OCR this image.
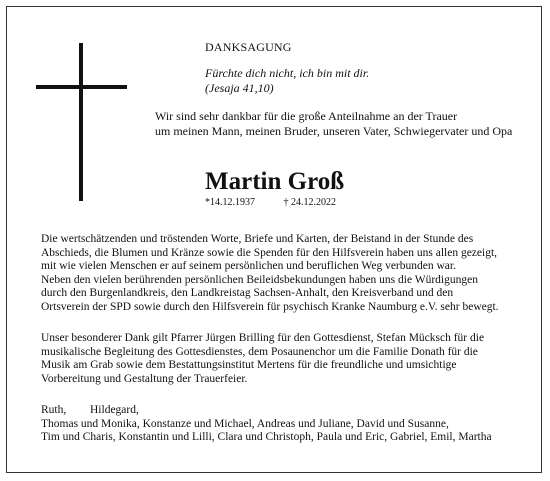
DANKSAGUNG
Fürchte dich nicht, ich bin mit dir.
(Jesaja 41,10)
Wir sind sehr dankbar für die große Anteilnahme an der Trauer
um meinen Mann, meinen Bruder, unseren Vater, Schwiegervater und Opa
Martin Groß
*14.12.1937	† 24.12.2022
Die wertschätzenden und tröstenden Worte, Briefe und Karten, der Beistand in der Stunde des
Abschieds, die Blumen und Kränze sowie die Spenden für den Hilfsverein haben uns allen gezeigt,
mit wie vielen Menschen er auf seinem persönlichen und beruflichen Weg verbunden war.
Neben den vielen berührenden persönlichen Beileidsbekundungen haben uns die Würdigungen
durch den Burgenlandkreis, den Landkreistag Sachsen-Anhalt, den Kreisverband und den
Ortsverein der SPD sowie durch den Hilfsverein für psychisch Kranke Naumburg e.V. sehr bewegt.
Unser besonderer Dank gilt Pfarrer Jürgen Brilling für den Gottesdienst, Stefan Mücksch für die
musikalische Begleitung des Gottesdienstes, dem Posaunenchor um die Familie Donath für die
Musik am Grab sowie dem Bestattungsinstitut Mertens für die freundliche und umsichtige
Vorbereitung und Gestaltung der Trauerfeier.
Ruth, Hildegard,
Thomas und Monika, Konstanze und Michael, Andreas und Juliane, David und Susanne,
Tim und Charis, Konstantin und Lilli, Clara und Christoph, Paula und Eric, Gabriel, Emil, Martha
